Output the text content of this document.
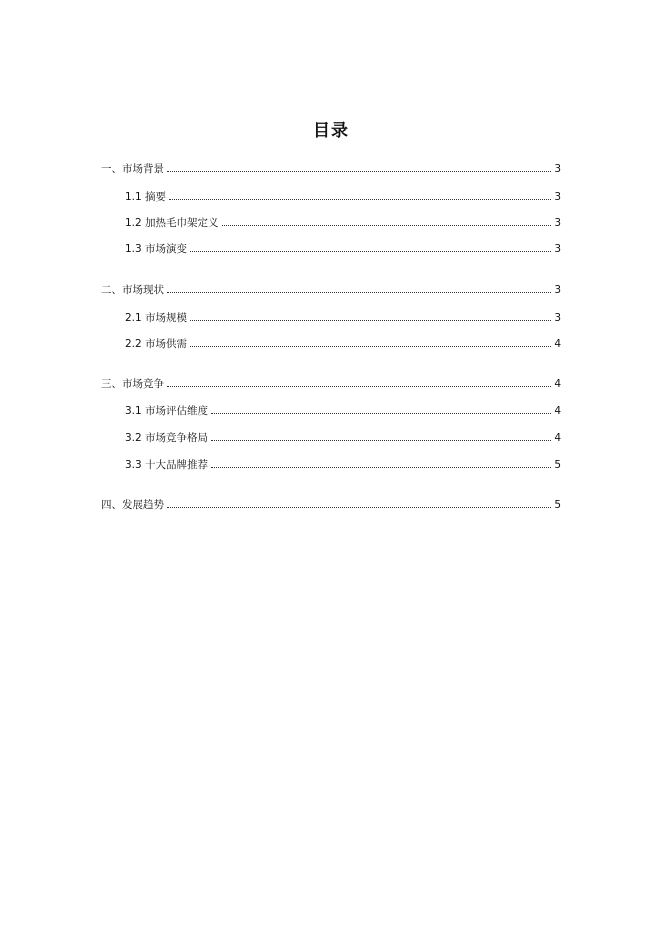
目录
一、市场背景	3
1.1 摘要	3
1.2 加热毛巾架定义	3
1.3 市场演变	3
二、市场现状	3
2.1 市场规模	3
2.2 市场供需	4
三、市场竞争	4
3.1 市场评估维度	4
3.2 市场竞争格局	4
3.3 十大品牌推荐	5
四、发展趋势	5
